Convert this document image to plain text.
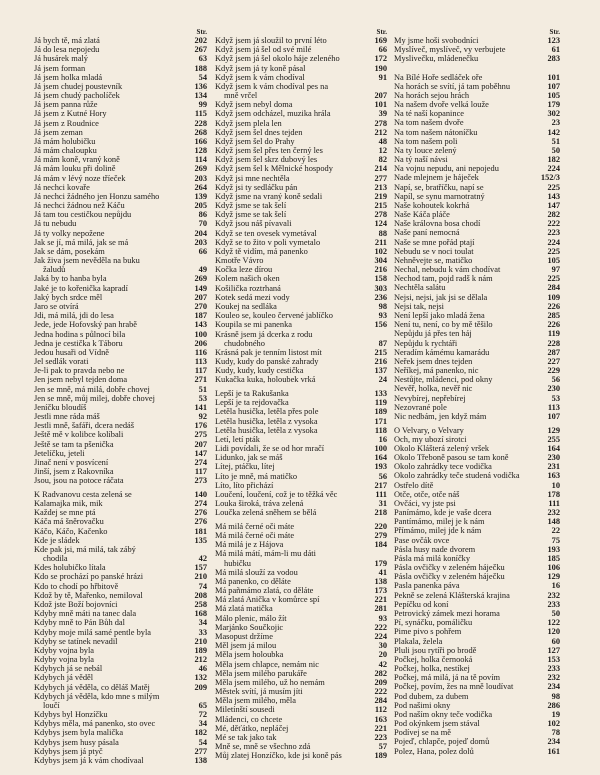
Str.
Já bych tě, má zlatá	202
Já do lesa nepojedu	267
Já husárek malý	63
Já jsem forman	188
Já jsem holka mladá	54
Já jsem chudej poustevník	136
Já jsem chudý pacholíček	134
Já jsem panna růže	99
Já jsem z Kutné Hory	115
Já jsem z Roudnice	228
Já jsem zeman	268
Já mám holubičku	166
Já mám chaloupku	128
Já mám koně, vraný koně	114
Já mám louku při dolině	269
Já mám v lévý noze tříeček	203
Já nechci kovaře	264
Já nechci žádného jen Honzu samého	139
Já nechci žádnou než Káču	205
Já tam tou cestičkou nepůjdu	86
Já tu nebudu	70
Já ty volky nepožene	204
Jak se jí, má milá, jak se má	203
Jak se dám, posekám	66
Jak živa jsem nevěděla na buku
žaludů	49
Jaká by to hanba byla	269
Jaké je to kořenička kapradí	149
Jaký bych srdce měl	207
Jaro se otvírá	270
Jdi, má milá, jdi do lesa	187
Jede, jede Hofovský pan hrabě	143
Jedna hodina s půlnocí bila	100
Jedna je cestička k Táboru	206
Jedou husaři od Vídně	116
Jel sedlák vorati	113
Je-li pak to pravda nebo ne	117
Jen jsem nebyl tejden doma	271
Jen se mně, má milá, dobře chovej	51
Jen se mně, můj milej, dobře chovej	53
Jeníčku bloudíš	141
Jestli mne ráda máš	92
Jestli mně, šafáři, dcera nedáš	176
Ještě mě v kolibce kolíbali	275
Ještě se tam ta pšenička	207
Jetelíčku, jeteli	147
Jinač není v posvícení	274
Jinší, jsem z Rakovníka	117
Jsou, jsou na potoce ráčata	273
K Radvanovu cesta zelená se	140
Kalamajka mik, mik	274
Každej se mne ptá	276
Káča má šněrovačku	276
Káčo, Káčo, Kačenko	181
Kde je sládek	135
Kde pak jsi, má milá, tak zábý
chodila	42
Kdes holubičko lítala	157
Kdo se prochází po panské hrázi	210
Kdo to chodí po hřbitově	74
Kdož by tě, Mařenko, nemiloval	208
Kdož jste Boží bojovníci	258
Kdyby mně máti na tanec dala	168
Kdyby mně to Pán Bůh dal	34
Kdyby moje milá samé pentle byla	33
Kdyby se tatínek nevadil	210
Kdyby vojna byla	189
Kdyby vojna byla	212
Kdybych já se nebál	46
Kdybych já věděl	132
Kdybych já věděla, co děláš Matěj	209
Kdybych já věděla, kdo mne s milým
loučí	65
Kdybys byl Honzíčku	72
Kdybys měla, má panenko, sto ovec	34
Kdybys jsem byla malička	182
Kdybys jsem husy pásala	54
Kdybys jsem já ptyč	277
Kdybys jsem já k vám chodívaal	138
Str.
Když jsem já sloužil to první léto	169
Když jsem já šel od své milé	66
Když jsem já šel okolo háje zeleného	172
Když jsem já ty koně pásal	190
Když jsem k vám chodíval	91
Když jsem k vám chodíval pes na
mně vrčel	207
Když jsem nebyl doma	101
Když jsem odcházel, muzika hrála	39
Když jsem plela len	278
Když jsem šel dnes tejden	212
Když jsem šel do Prahy	48
Když jsem šel přes ten černý les	12
Když jsem šel skrz dubový les	82
Když jsem šel k Mělnické hospody	214
Když jsi mne nechtěla	277
Když jsi ty sedláčku pán	213
Když jsme na vraný koně sedali	219
Když jsme se tak šelí	215
Když jsme se tak šelí	278
Když jsou náš pívavali	124
Když se ten ovesek vymetával	88
Když se to žito v poli vymetalo	211
Když tě vidím, má panenko	102
Kmotře Vávro	304
Kočka leze dírou	216
Kolem našich oken	158
Košilička roztrhaná	303
Kotek sedá mezi vody	236
Koukej na sedláka	98
Kouleo se, kouleo červené jablíčko	93
Koupila se mi panenka	156
Krásně jsem já dcerka z rodu
chudobného	87
Krásná pak je tenním listost mít	215
Kudy, kudy do panské zahrady	216
Kudy, kudy, kudy cestička	137
Kukačka kuka, holoubek vrká	24
Lepší je ta Rakušanka	133
Lepší je ta rejdovačka	119
Letěla husička, letěla přes pole	189
Letěla husička, letěla z vysoka	171
Letěla husička, letěla z vysoka	118
Letí, letí pták	16
Lidi povídali, že se od hor mračí	100
Lidunko, jak se máš	164
Lítej, ptáčku, lítej	193
Líto je mně, má matičko	56
Líto, líto přichází	217
Loučení, loučení, což je to těžká věc	111
Louka široká, tráva zelená	31
Loučka zelená sněhem se bělá	218
Má milá černé oči máte	220
Má milá černé oči máte	279
Má milá je z Hájova	184
Má milá mátí, mám-li mu dáti
hubičku	179
Má milá slouží za vodou	41
Má panenko, co děláte	138
Má pañmámo zlatá, co děláte	173
Má zlatá Anička v komůrce spí	221
Má zlatá matička	281
Málo plenic, málo žít	93
Marjánko Součkojic	222
Masopust držíme	224
Měl jsem já milou	30
Měla jsem holoubka	20
Měla jsem chlapce, nemám nic	42
Měla jsem milého parukáře	282
Měla jsem milého, už ho nemám	209
Městek svítí, já musím jíti	222
Měla jsem milého, měla	284
Miletínští sousedi	112
Mládenci, co chcete	163
Mé, děťátko, nepláčej	221
Mé se tak jako tak	223
Mně se, mně se všechno zdá	57
Můj zlatej Honzíčko, kde jsi koně pás	189
Str.
My jsme hoši svobodníci	123
Myslíveč, myslíveč, vy verbujete	61
Myslivečku, mládenečku	283
Na Bílé Hoře sedláček oře	101
Na horách se svítí, já tam poběhnu	107
Na horách sejou hrách	105
Na našem dvoře velká louže	179
Na té naší kopanince	302
Na tom našem dvoře	23
Na tom našem nátoníčku	142
Na tom našem poli	51
Na ty louce zelený	50
Na tý naší návsi	182
Na vojnu nepudu, ani nepojedu	224
Nade mlejnem je háječek	152/3
Napí, se, bratříčku, napí se	225
Napíl, se synu marnotratný	143
Naše kohoutek kokrhá	147
Naše Káča pláče	282
Naše královna bosa chodí	222
Naše paní nemocná	223
Naše se mne pořád ptají	224
Nebudu se v noci toulat	225
Nehněvejte se, matičko	105
Nechal, nebudu k vám chodívat	97
Nechod tam, pojd radš k nám	225
Nechtěla salátu	284
Nejsi, nejsi, jak jsi se dělala	109
Nejsi tak, nejsi	226
Není lepší jako mladá žena	285
Není tu, není, co by mě těšilo	226
Nepůjdu já přes ten háj	119
Nepůjdu k rychtáři	228
Neradím kámému kamarádu	287
Neřek jsem dnes tejden	227
Neříkej, má panenko, nic	229
Nestůjte, mládenci, pod okny	56
Nevěř, holka, nevěř nic	230
Nevybírej, nepřebírej	53
Nezovrané pole	113
Nic nedbám, jen když mám	107
O Velvary, o Velvary	129
Och, my ubozí sirotci	255
Okolo Klášterá zelený vršek	164
Okolo Třeboně pasou se tam koně	230
Okolo zahrádky tece vodička	231
Okolo zahrádky teče studená vodička	163
Ostřelo dítě	10
Otče, otče, otče náš	178
Ovčáci, vy jste psi	111
Panímámo, kde je vaše dcera	232
Pantímámo, milej je k nám	148
Přímámo, milej jde k nám	22
Pase ovčák ovce	75
Pásla husy nade dvorem	193
Pásla má milá koníčky	185
Pásla ovčičky v zeleném háječku	106
Pásla ovčičky v zeleném háječku	129
Pasla panenka páva	16
Pekně se zelená Klášterská krajina	232
Pepíčku od koní	233
Petrovický zámek mezi horama	50
Pí, synáčku, pomáličku	122
Pime pivo s pohřem	120
Plakala, želela	60
Pluli jsou rytíři po brodě	127
Počkej, holka černooká	153
Počkej, holka, nestíkej	233
Počkej, má milá, já na tě povím	232
Počkej, povím, žes na mně loudívat	234
Pod dubem, za dubem	98
Pod našimi okny	286
Pod naším okny teče vodička	19
Pod okýnkem jsem stával	102
Podívej se na mě	78
Pojeď, chlapče, pojeď domů	234
Polez, Hana, polez dolů	161
